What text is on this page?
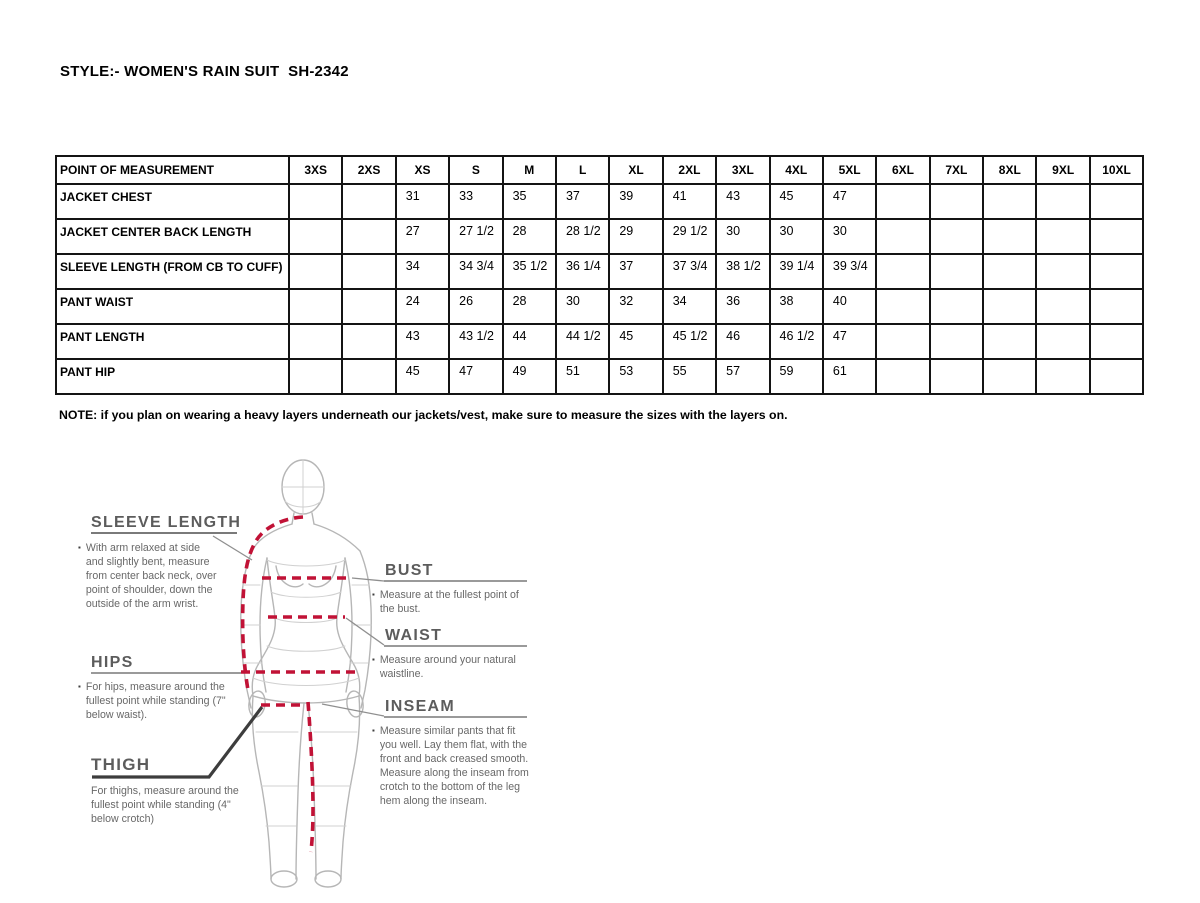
STYLE:- WOMEN'S RAIN SUIT  SH-2342
POINT OF MEASUREMENT	3XS	2XS	XS	S	M	L	XL	2XL	3XL	4XL	5XL	6XL	7XL	8XL	9XL	10XL
JACKET CHEST			31	33	35	37	39	41	43	45	47					
JACKET CENTER BACK LENGTH			27	27 1/2	28	28 1/2	29	29 1/2	30	30	30					
SLEEVE LENGTH (FROM CB TO CUFF)			34	34 3/4	35 1/2	36 1/4	37	37 3/4	38 1/2	39 1/4	39 3/4					
PANT WAIST			24	26	28	30	32	34	36	38	40					
PANT LENGTH			43	43 1/2	44	44 1/2	45	45 1/2	46	46 1/2	47					
PANT HIP			45	47	49	51	53	55	57	59	61					
NOTE: if you plan on wearing a heavy layers underneath our jackets/vest, make sure to measure the sizes with the layers on.
SLEEVE LENGTH
▪ With arm relaxed at side and slightly bent, measure from center back neck, over point of shoulder, down the outside of the arm wrist.
HIPS
▪ For hips, measure around the fullest point while standing (7" below waist).
THIGH
For thighs, measure around the fullest point while standing (4" below crotch)
BUST
▪ Measure at the fullest point of the bust.
WAIST
▪ Measure around your natural waistline.
INSEAM
▪ Measure similar pants that fit you well. Lay them flat, with the front and back creased smooth. Measure along the inseam from crotch to the bottom of the leg hem along the inseam.
